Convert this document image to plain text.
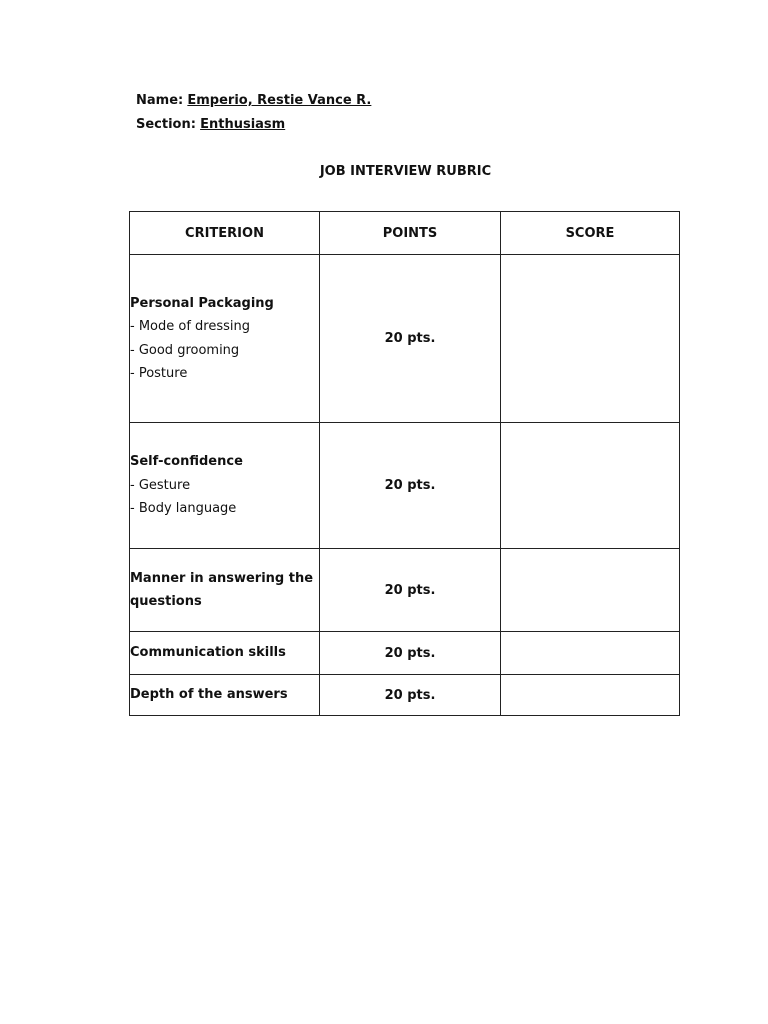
Name: Emperio, Restie Vance R.
Section: Enthusiasm
JOB INTERVIEW RUBRIC
CRITERION	POINTS	SCORE

Personal Packaging
- Mode of dressing
- Good grooming
- Posture	20 pts.	

Self-confidence
- Gesture
- Body language	20 pts.	

Manner in answering the
questions	20 pts.	

Communication skills	20 pts.	

Depth of the answers	20 pts.	
